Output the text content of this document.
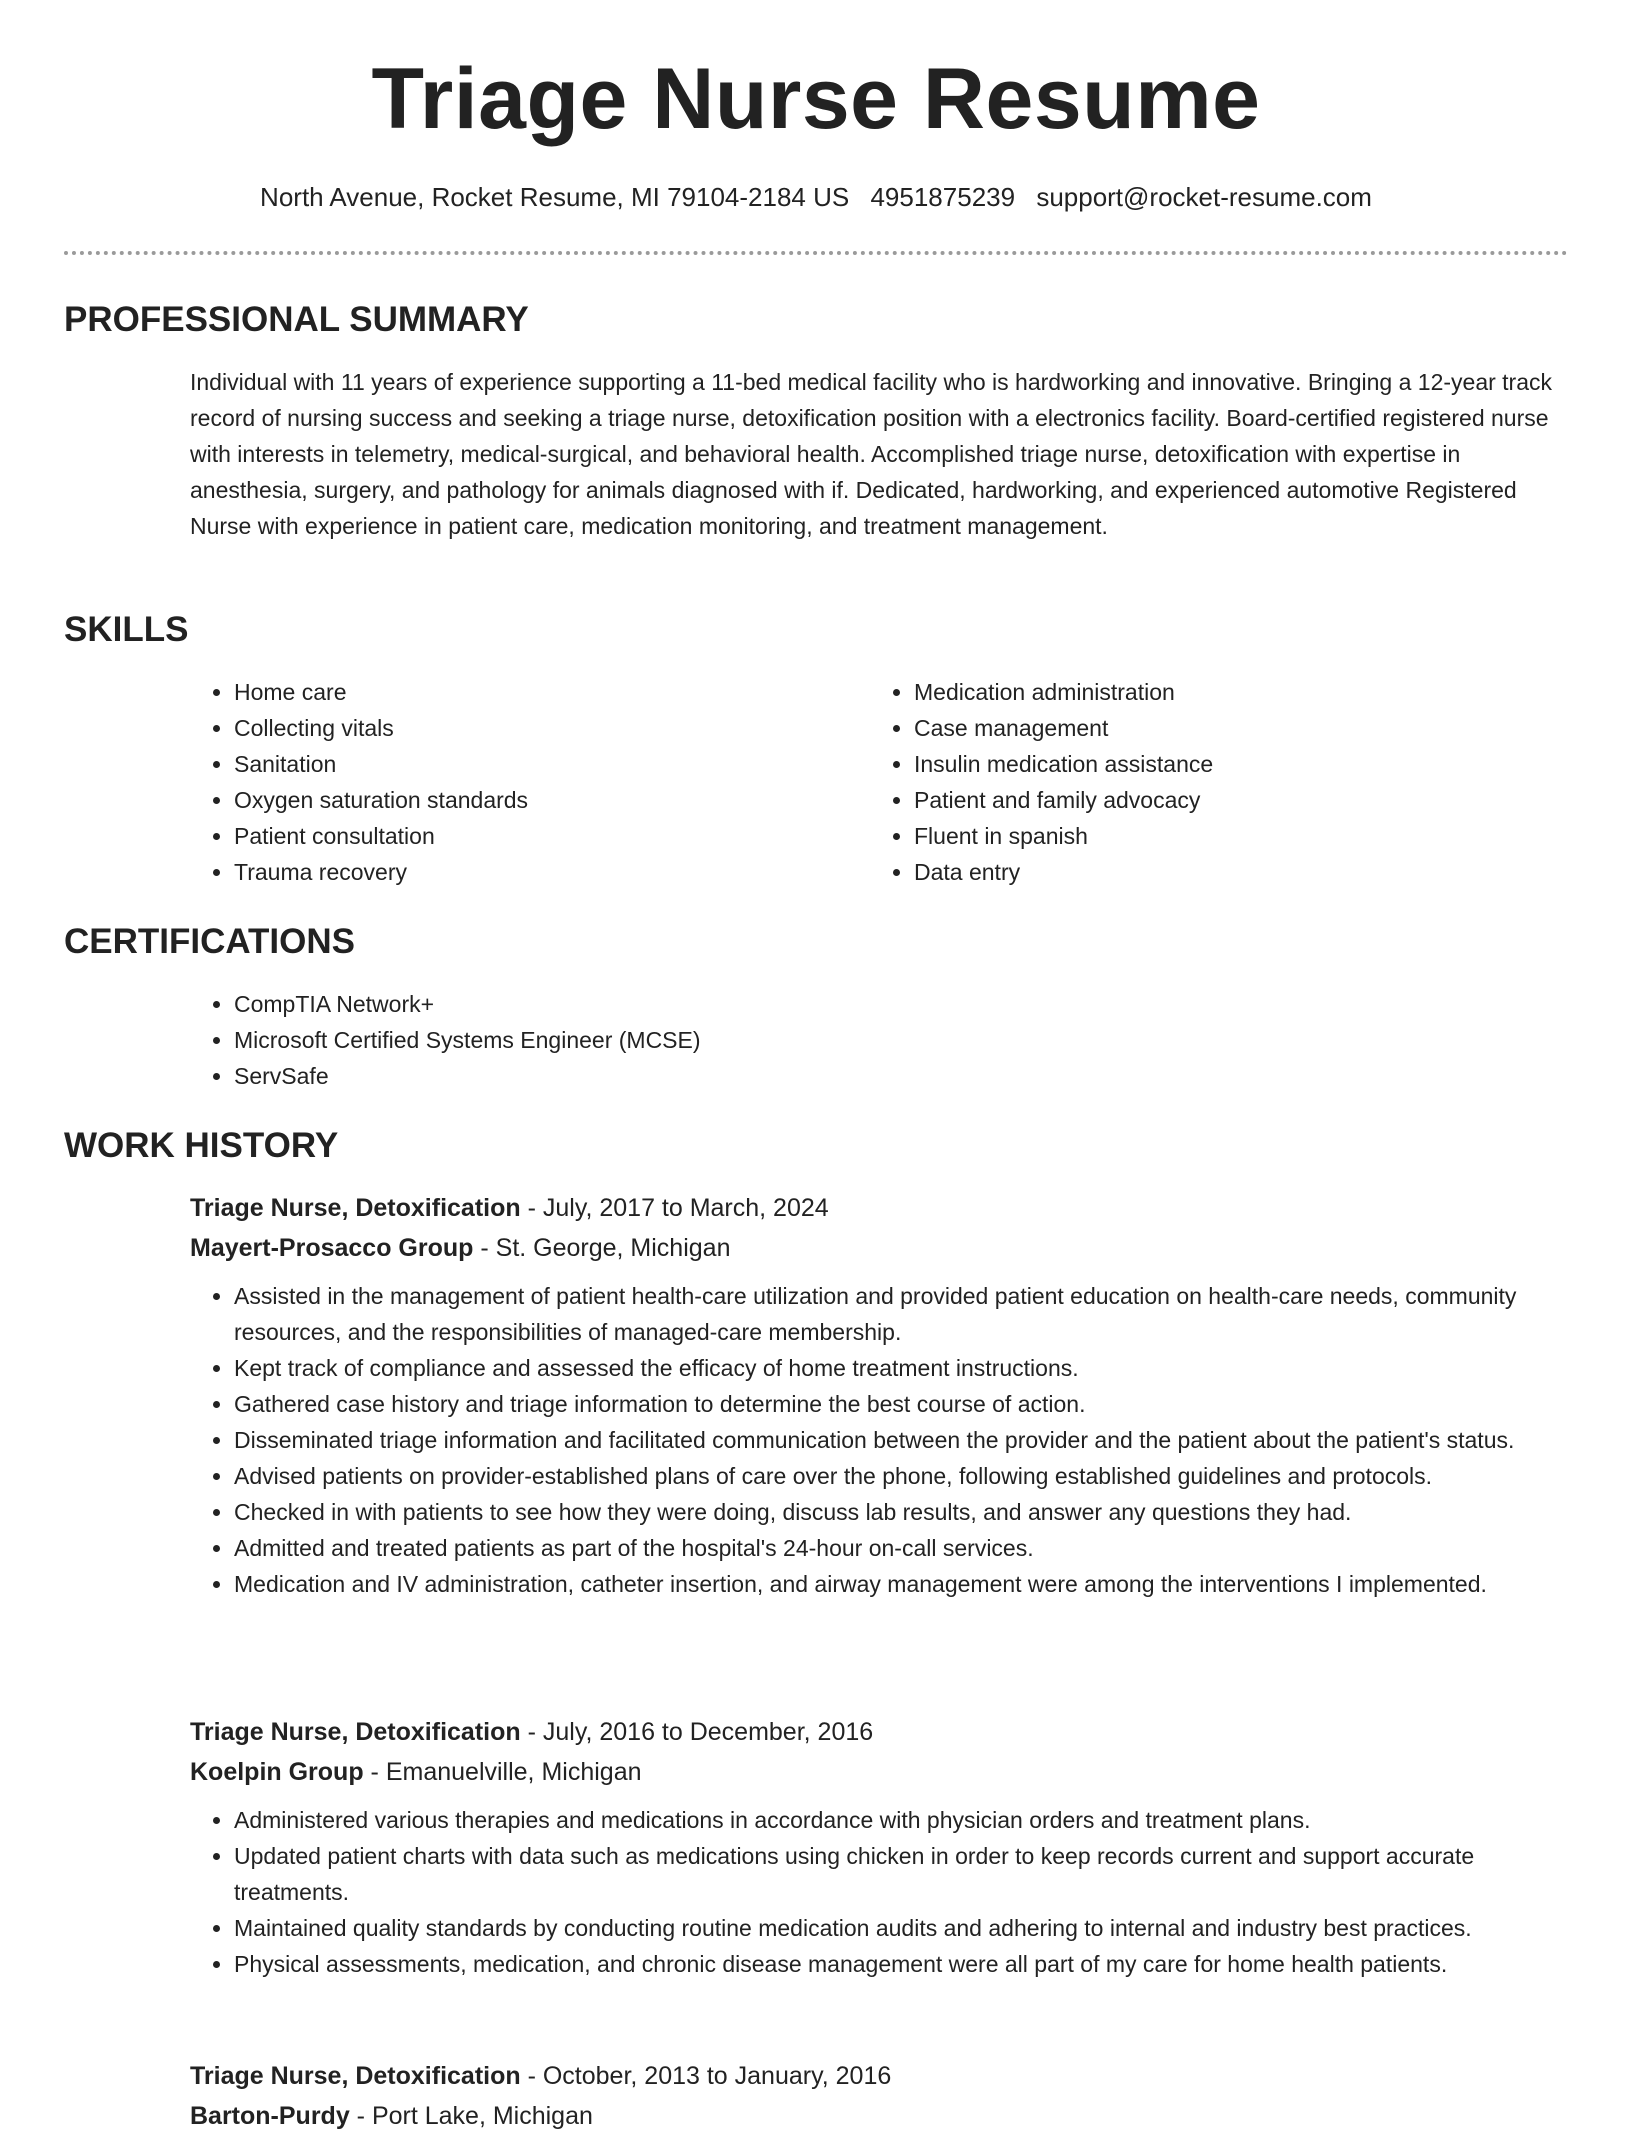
Triage Nurse Resume
North Avenue, Rocket Resume, MI 79104-2184 US 4951875239 support@rocket-resume.com
PROFESSIONAL SUMMARY

Individual with 11 years of experience supporting a 11-bed medical facility who is hardworking and innovative. Bringing a 12-year track record of nursing success and seeking a triage nurse, detoxification position with a electronics facility. Board-certified registered nurse with interests in telemetry, medical-surgical, and behavioral health. Accomplished triage nurse, detoxification with expertise in anesthesia, surgery, and pathology for animals diagnosed with if. Dedicated, hardworking, and experienced automotive Registered Nurse with experience in patient care, medication monitoring, and treatment management.

SKILLS
• Home care
• Collecting vitals
• Sanitation
• Oxygen saturation standards
• Patient consultation
• Trauma recovery
• Medication administration
• Case management
• Insulin medication assistance
• Patient and family advocacy
• Fluent in spanish
• Data entry
CERTIFICATIONS
• CompTIA Network+
• Microsoft Certified Systems Engineer (MCSE)
• ServSafe
WORK HISTORY
Triage Nurse, Detoxification - July, 2017 to March, 2024
Mayert-Prosacco Group - St. George, Michigan
• Assisted in the management of patient health-care utilization and provided patient education on health-care needs, community resources, and the responsibilities of managed-care membership.
• Kept track of compliance and assessed the efficacy of home treatment instructions.
• Gathered case history and triage information to determine the best course of action.
• Disseminated triage information and facilitated communication between the provider and the patient about the patient's status.
• Advised patients on provider-established plans of care over the phone, following established guidelines and protocols.
• Checked in with patients to see how they were doing, discuss lab results, and answer any questions they had.
• Admitted and treated patients as part of the hospital's 24-hour on-call services.
• Medication and IV administration, catheter insertion, and airway management were among the interventions I implemented.
Triage Nurse, Detoxification - July, 2016 to December, 2016
Koelpin Group - Emanuelville, Michigan
• Administered various therapies and medications in accordance with physician orders and treatment plans.
• Updated patient charts with data such as medications using chicken in order to keep records current and support accurate treatments.
• Maintained quality standards by conducting routine medication audits and adhering to internal and industry best practices.
• Physical assessments, medication, and chronic disease management were all part of my care for home health patients.
Triage Nurse, Detoxification - October, 2013 to January, 2016
Barton-Purdy - Port Lake, Michigan
